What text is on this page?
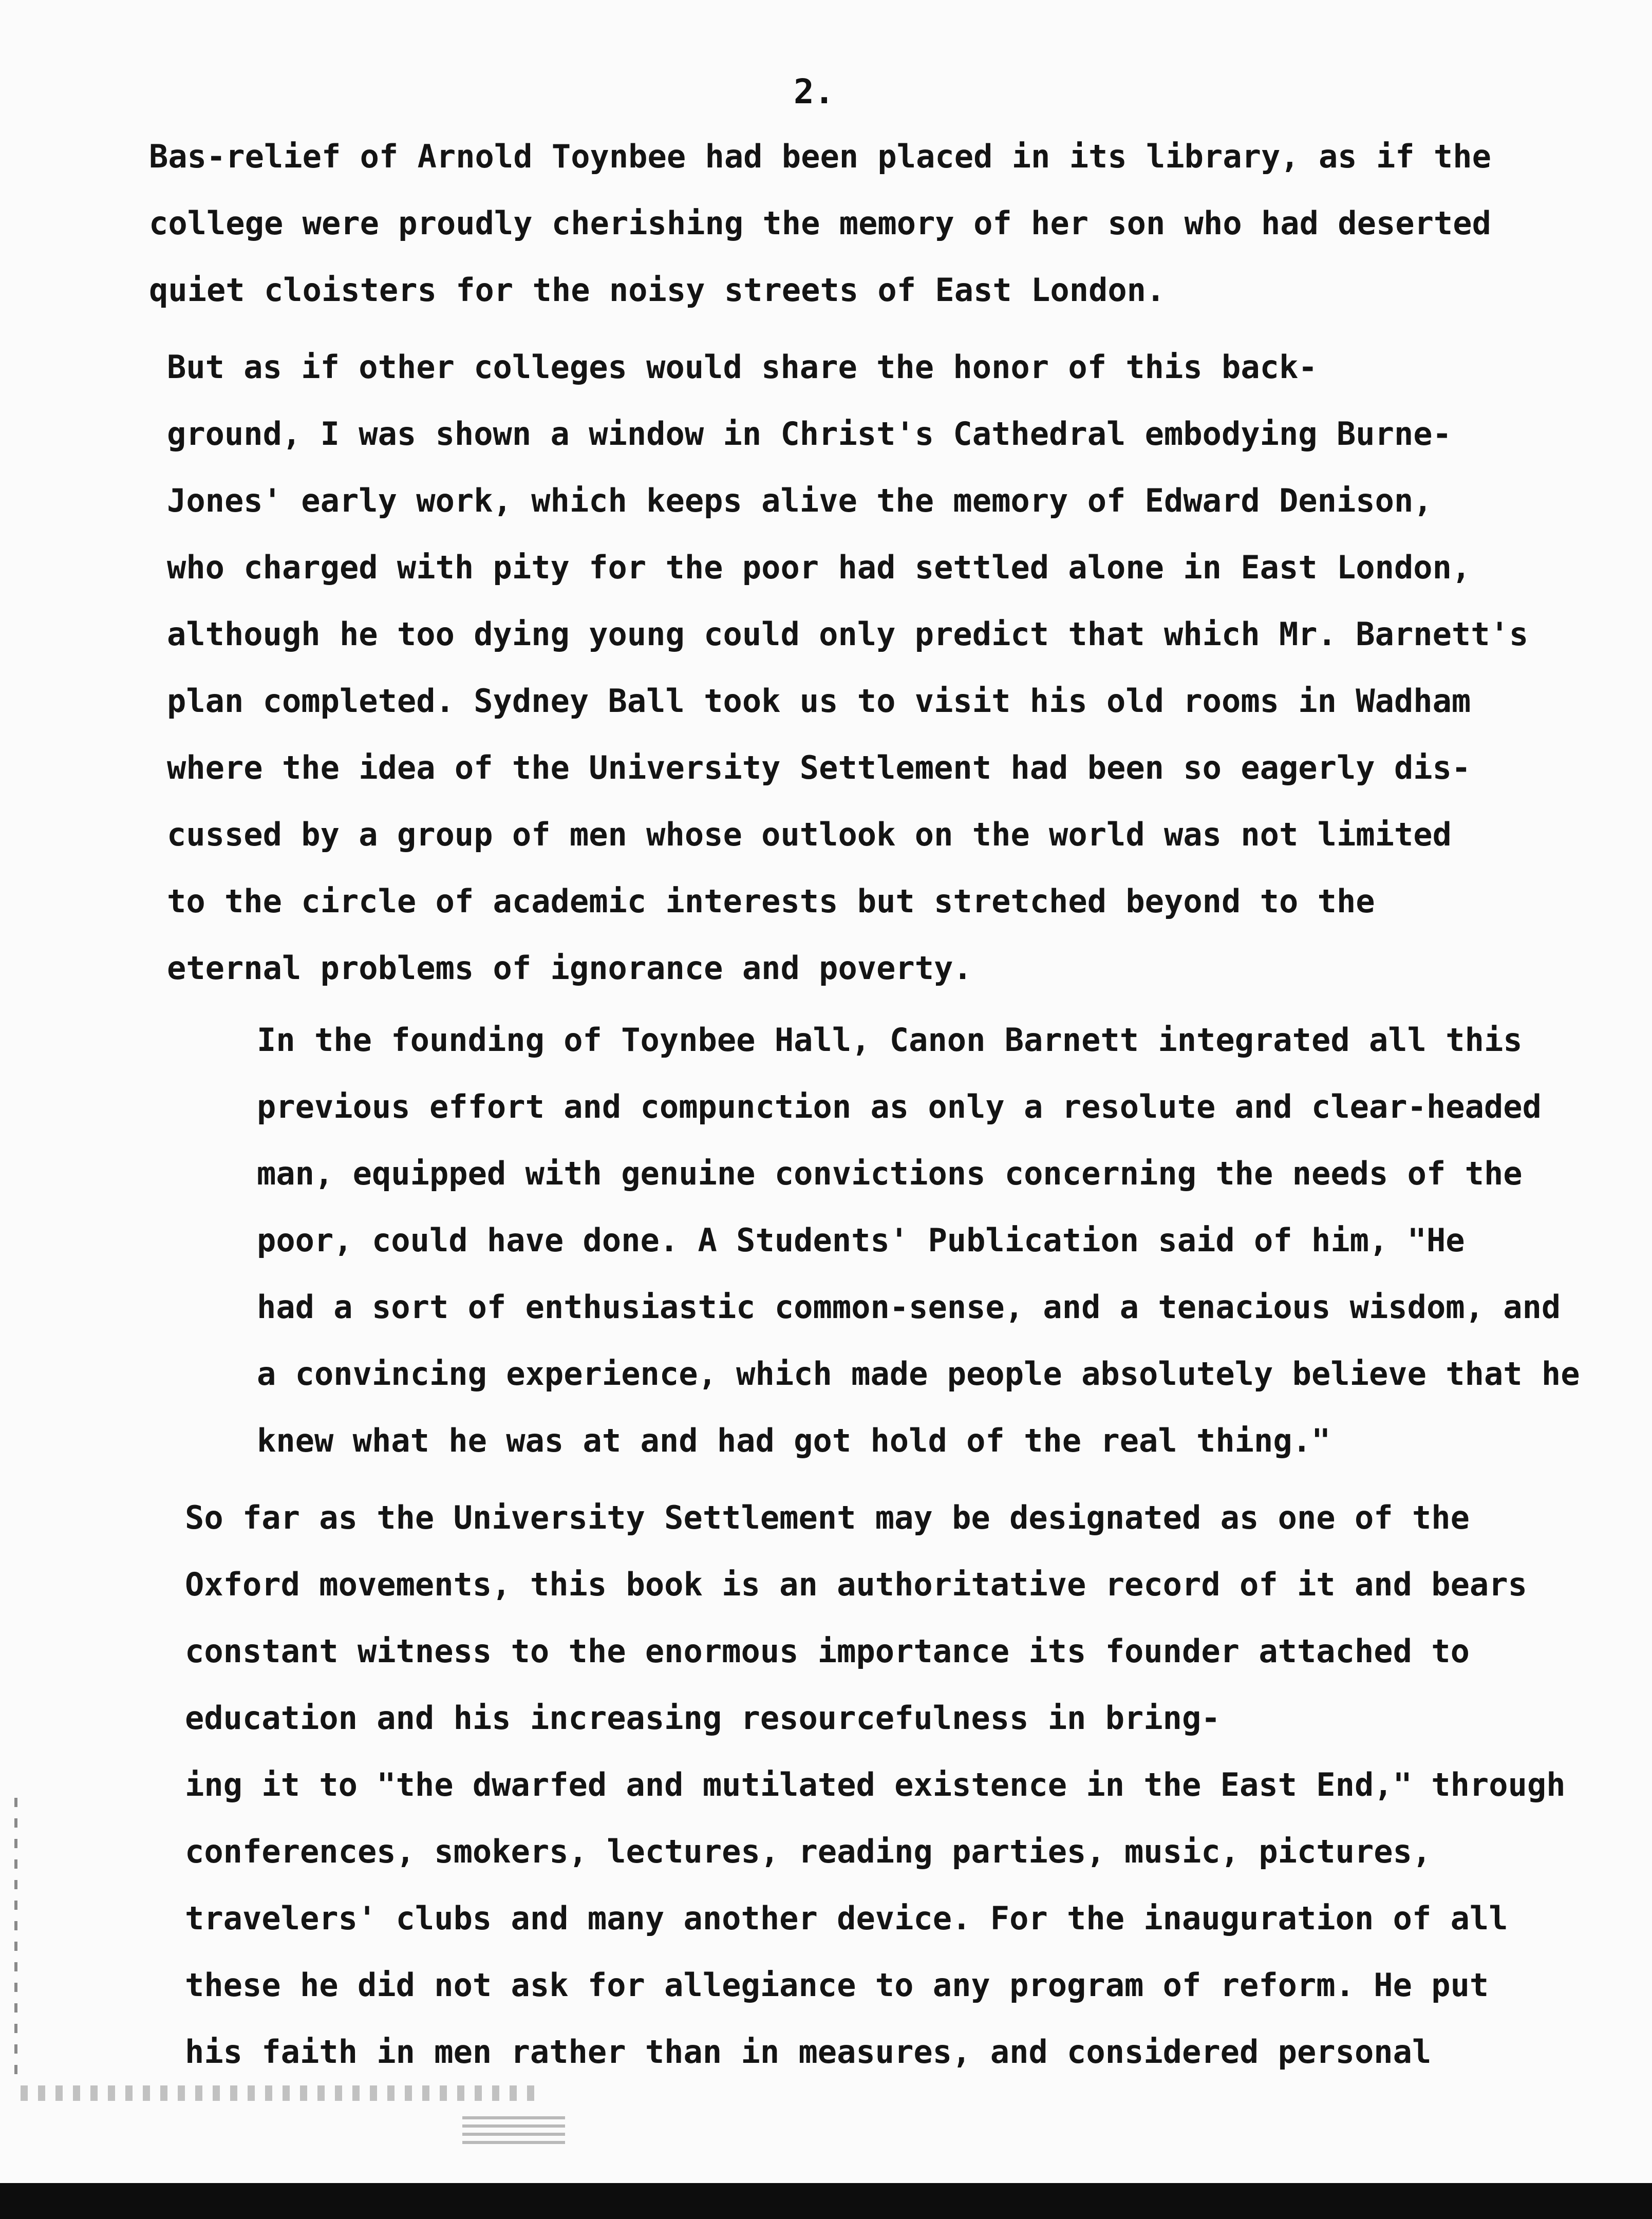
2.
Bas-relief of Arnold Toynbee had been placed in its library, as if the
college were proudly cherishing the memory of her son who had deserted
quiet cloisters for the noisy streets of East London.
But as if other colleges would share the honor of this back-
ground, I was shown a window in Christ's Cathedral embodying Burne-
Jones' early work, which keeps alive the memory of Edward Denison,
who charged with pity for the poor had settled alone in East London,
although he too dying young could only predict that which Mr. Barnett's
plan completed. Sydney Ball took us to visit his old rooms in Wadham
where the idea of the University Settlement had been so eagerly dis-
cussed by a group of men whose outlook on the world was not limited
to the circle of academic interests but stretched beyond to the
eternal problems of ignorance and poverty.
In the founding of Toynbee Hall, Canon Barnett integrated all this
previous effort and compunction as only a resolute and clear-headed
man, equipped with genuine convictions concerning the needs of the
poor, could have done. A Students' Publication said of him, "He
had a sort of enthusiastic common-sense, and a tenacious wisdom, and
a convincing experience, which made people absolutely believe that he
knew what he was at and had got hold of the real thing."
So far as the University Settlement may be designated as one of the
Oxford movements, this book is an authoritative record of it and bears
constant witness to the enormous importance its founder attached to
education and his increasing resourcefulness in bring-
ing it to "the dwarfed and mutilated existence in the East End," through
conferences, smokers, lectures, reading parties, music, pictures,
travelers' clubs and many another device. For the inauguration of all
these he did not ask for allegiance to any program of reform. He put
his faith in men rather than in measures, and considered personal
